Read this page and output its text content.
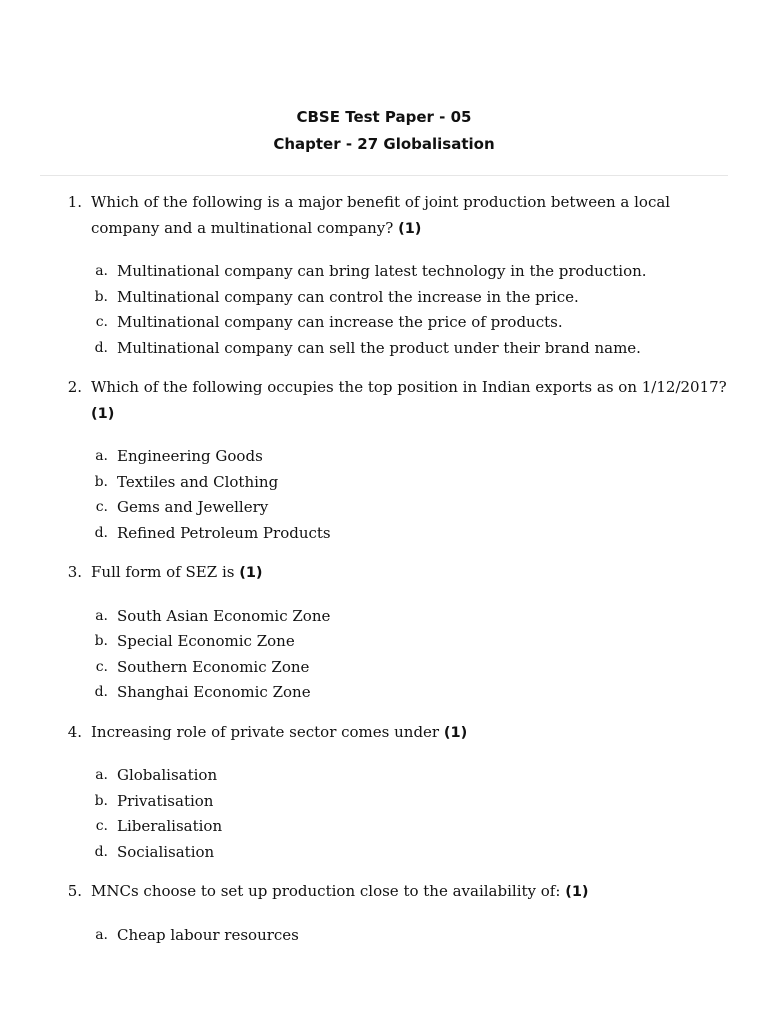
CBSE Test Paper - 05
Chapter - 27 Globalisation
1. Which of the following is a major benefit of joint production between a local company and a multinational company? (1)
a. Multinational company can bring latest technology in the production.
b. Multinational company can control the increase in the price.
c. Multinational company can increase the price of products.
d. Multinational company can sell the product under their brand name.
2. Which of the following occupies the top position in Indian exports as on 1/12/2017? (1)
a. Engineering Goods
b. Textiles and Clothing
c. Gems and Jewellery
d. Refined Petroleum Products
3. Full form of SEZ is (1)
a. South Asian Economic Zone
b. Special Economic Zone
c. Southern Economic Zone
d. Shanghai Economic Zone
4. Increasing role of private sector comes under (1)
a. Globalisation
b. Privatisation
c. Liberalisation
d. Socialisation
5. MNCs choose to set up production close to the availability of: (1)
a. Cheap labour resources
